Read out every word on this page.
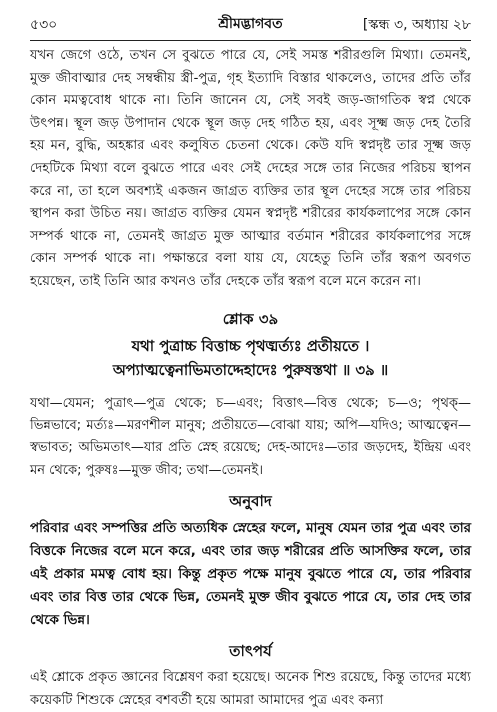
৫৩০	শ্রীমদ্ভাগবত	[স্কন্ধ ৩, অধ্যায় ২৮

যখন জেগে ওঠে, তখন সে বুঝতে পারে যে, সেই সমস্ত শরীরগুলি মিথ্যা। তেমনই, মুক্ত জীবাত্মার দেহ সম্বন্ধীয় স্ত্রী-পুত্র, গৃহ ইত্যাদি বিস্তার থাকলেও, তাদের প্রতি তাঁর কোন মমত্ববোধ থাকে না। তিনি জানেন যে, সেই সবই জড়-জাগতিক স্বপ্ন থেকে উৎপন্ন। স্থূল জড় উপাদান থেকে স্থূল জড় দেহ গঠিত হয়, এবং সূক্ষ্ম জড় দেহ তৈরি হয় মন, বুদ্ধি, অহঙ্কার এবং কলুষিত চেতনা থেকে। কেউ যদি স্বপ্নদৃষ্ট তার সূক্ষ্ম জড় দেহটিকে মিথ্যা বলে বুঝতে পারে এবং সেই দেহের সঙ্গে তার নিজের পরিচয় স্থাপন করে না, তা হলে অবশ্যই একজন জাগ্রত ব্যক্তির তার স্থূল দেহের সঙ্গে তার পরিচয় স্থাপন করা উচিত নয়। জাগ্রত ব্যক্তির যেমন স্বপ্নদৃষ্ট শরীরের কার্যকলাপের সঙ্গে কোন সম্পর্ক থাকে না, তেমনই জাগ্রত মুক্ত আত্মার বর্তমান শরীরের কার্যকলাপের সঙ্গে কোন সম্পর্ক থাকে না। পক্ষান্তরে বলা যায় যে, যেহেতু তিনি তাঁর স্বরূপ অবগত হয়েছেন, তাই তিনি আর কখনও তাঁর দেহকে তাঁর স্বরূপ বলে মনে করেন না।

শ্লোক ৩৯

যথা পুত্রাচ্চ বিত্তাচ্চ পৃথঙ্মর্ত্যঃ প্রতীয়তে ।

অপ্যাত্মত্বেনাভিমতাদ্দেহাদেঃ পুরুষস্তথা ॥ ৩৯ ॥

যথা—যেমন; পুত্রাৎ—পুত্র থেকে; চ—এবং; বিত্তাৎ—বিত্ত থেকে; চ—ও; পৃথক্—ভিন্নভাবে; মর্ত্যঃ—মরণশীল মানুষ; প্রতীয়তে—বোঝা যায়; অপি—যদিও; আত্মত্বেন—স্বভাবত; অভিমতাৎ—যার প্রতি স্নেহ রয়েছে; দেহ-আদেঃ—তার জড়দেহ, ইন্দ্রিয় এবং মন থেকে; পুরুষঃ—মুক্ত জীব; তথা—তেমনই।

অনুবাদ

পরিবার এবং সম্পত্তির প্রতি অত্যধিক স্নেহের ফলে, মানুষ যেমন তার পুত্র এবং তার বিত্তকে নিজের বলে মনে করে, এবং তার জড় শরীরের প্রতি আসক্তির ফলে, তার এই প্রকার মমত্ব বোধ হয়। কিন্তু প্রকৃত পক্ষে মানুষ বুঝতে পারে যে, তার পরিবার এবং তার বিত্ত তার থেকে ভিন্ন, তেমনই মুক্ত জীব বুঝতে পারে যে, তার দেহ তার থেকে ভিন্ন।

তাৎপর্য

এই শ্লোকে প্রকৃত জ্ঞানের বিশ্লেষণ করা হয়েছে। অনেক শিশু রয়েছে, কিন্তু তাদের মধ্যে কয়েকটি শিশুকে স্নেহের বশবর্তী হয়ে আমরা আমাদের পুত্র এবং কন্যা
